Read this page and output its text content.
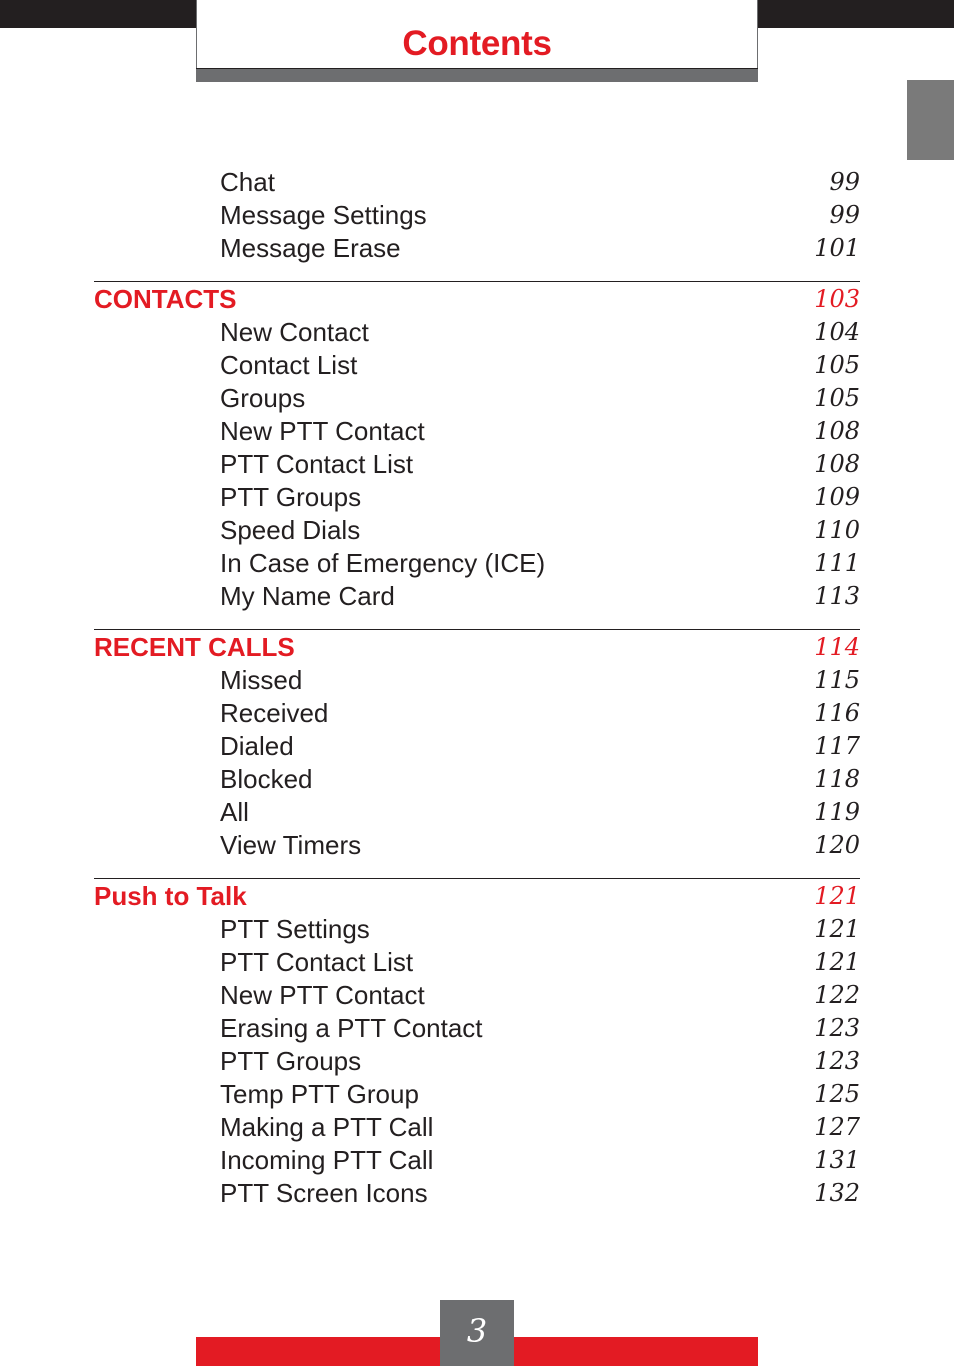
Contents
Chat	99
Message Settings	99
Message Erase	101
CONTACTS	103
New Contact	104
Contact List	105
Groups	105
New PTT Contact	108
PTT Contact List	108
PTT Groups	109
Speed Dials	110
In Case of Emergency (ICE)	111
My Name Card	113
RECENT CALLS	114
Missed	115
Received	116
Dialed	117
Blocked	118
All	119
View Timers	120
Push to Talk	121
PTT Settings	121
PTT Contact List	121
New PTT Contact	122
Erasing a PTT Contact	123
PTT Groups	123
Temp PTT Group	125
Making a PTT Call	127
Incoming PTT Call	131
PTT Screen Icons	132
3
